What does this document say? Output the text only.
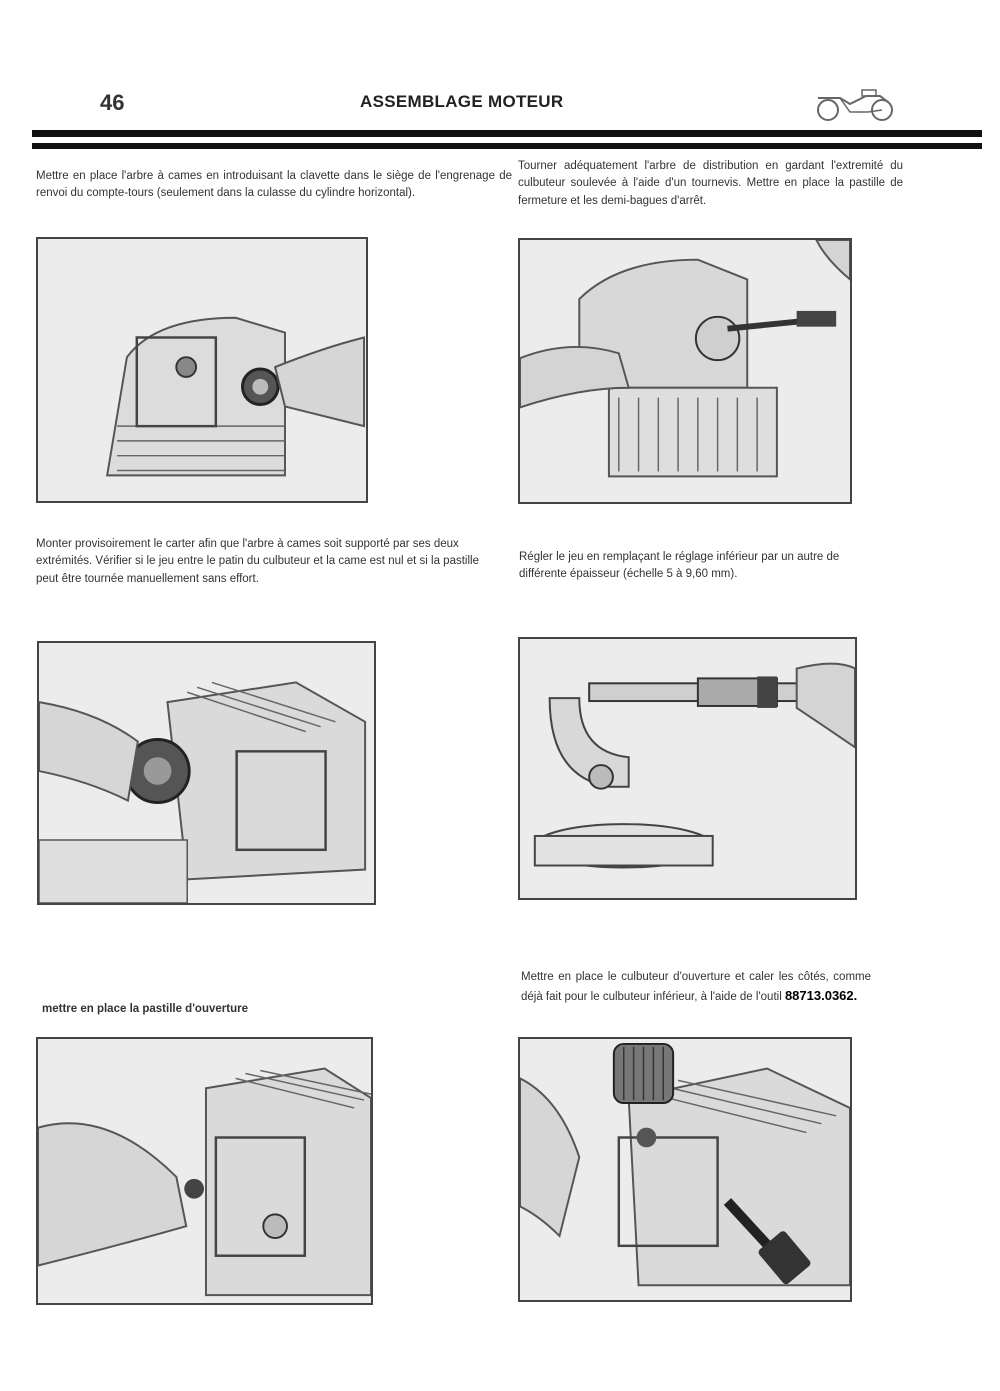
46	ASSEMBLAGE MOTEUR
Mettre en place l'arbre à cames en introduisant la clavette dans le siège de l'engrenage de renvoi du compte-tours (seulement dans la culasse du cylindre horizontal).
Tourner adéquatement l'arbre de distribution en gardant l'extremité du culbuteur soulevée à l'aide d'un tournevis. Mettre en place la pastille de fermeture et les demi-bagues d'arrêt.
Monter provisoirement le carter afin que l'arbre à cames soit supporté par ses deux extrémités. Vérifier si le jeu entre le patin du culbuteur et la came est nul et si la pastille peut être tournée manuellement sans effort.
Régler le jeu en remplaçant le réglage inférieur par un autre de différente épaisseur (échelle 5 à 9,60 mm).
mettre en place la pastille d'ouverture
Mettre en place le culbuteur d'ouverture et caler les côtés, comme déjà fait pour le culbuteur inférieur, à l'aide de l'outil 88713.0362.
